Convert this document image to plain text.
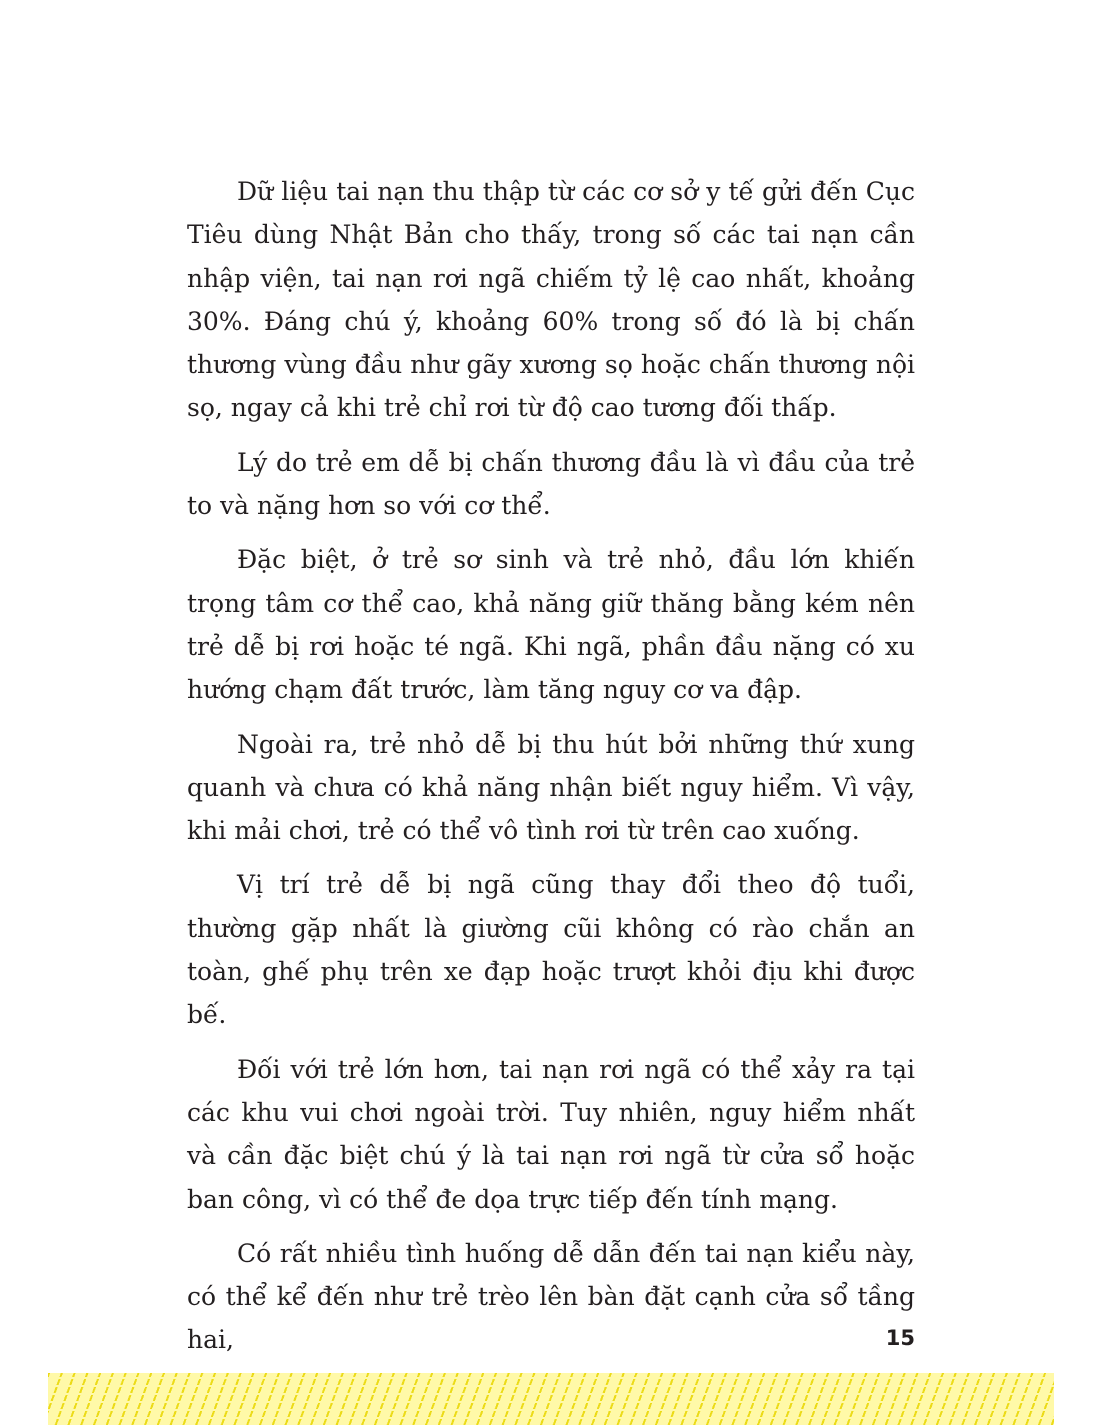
Dữ liệu tai nạn thu thập từ các cơ sở y tế gửi đến Cục Tiêu dùng Nhật Bản cho thấy, trong số các tai nạn cần nhập viện, tai nạn rơi ngã chiếm tỷ lệ cao nhất, khoảng 30%. Đáng chú ý, khoảng 60% trong số đó là bị chấn thương vùng đầu như gãy xương sọ hoặc chấn thương nội sọ, ngay cả khi trẻ chỉ rơi từ độ cao tương đối thấp.

Lý do trẻ em dễ bị chấn thương đầu là vì đầu của trẻ to và nặng hơn so với cơ thể.

Đặc biệt, ở trẻ sơ sinh và trẻ nhỏ, đầu lớn khiến trọng tâm cơ thể cao, khả năng giữ thăng bằng kém nên trẻ dễ bị rơi hoặc té ngã. Khi ngã, phần đầu nặng có xu hướng chạm đất trước, làm tăng nguy cơ va đập.

Ngoài ra, trẻ nhỏ dễ bị thu hút bởi những thứ xung quanh và chưa có khả năng nhận biết nguy hiểm. Vì vậy, khi mải chơi, trẻ có thể vô tình rơi từ trên cao xuống.

Vị trí trẻ dễ bị ngã cũng thay đổi theo độ tuổi, thường gặp nhất là giường cũi không có rào chắn an toàn, ghế phụ trên xe đạp hoặc trượt khỏi địu khi được bế.

Đối với trẻ lớn hơn, tai nạn rơi ngã có thể xảy ra tại các khu vui chơi ngoài trời. Tuy nhiên, nguy hiểm nhất và cần đặc biệt chú ý là tai nạn rơi ngã từ cửa sổ hoặc ban công, vì có thể đe dọa trực tiếp đến tính mạng.

Có rất nhiều tình huống dễ dẫn đến tai nạn kiểu này, có thể kể đến như trẻ trèo lên bàn đặt cạnh cửa sổ tầng hai,	15
